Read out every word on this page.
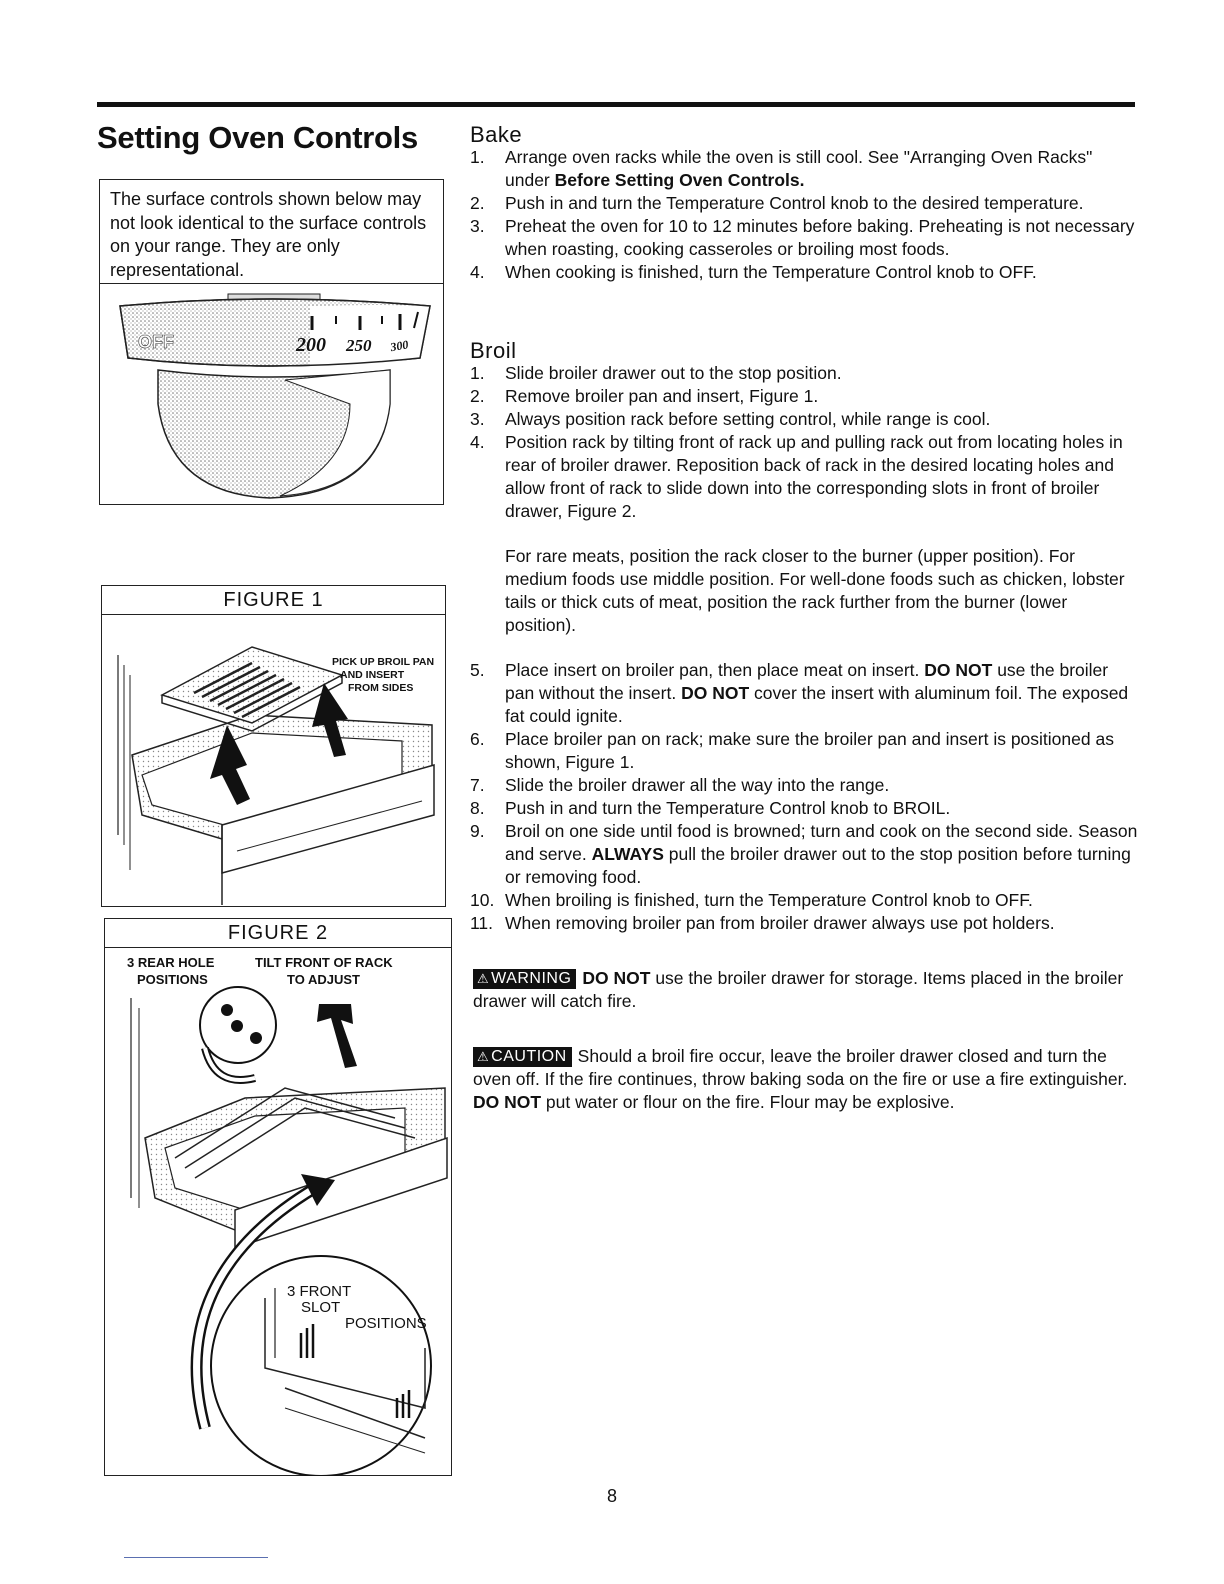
Setting Oven Controls
The surface controls shown below may not look identical to the surface controls on your range. They are only representational.
200 250 300
OFF
FIGURE 1
PICK UP BROIL PAN
AND INSERT
FROM SIDES
FIGURE 2
3 REAR HOLE
POSITIONS
TILT FRONT OF RACK
TO ADJUST
3 FRONT
SLOT
POSITIONS
Bake
1. Arrange oven racks while the oven is still cool. See "Arranging Oven Racks" under Before Setting Oven Controls.
2. Push in and turn the Temperature Control knob to the desired temperature.
3. Preheat the oven for 10 to 12 minutes before baking. Preheating is not necessary when roasting, cooking casseroles or broiling most foods.
4. When cooking is finished, turn the Temperature Control knob to OFF.
Broil
1. Slide broiler drawer out to the stop position.
2. Remove broiler pan and insert, Figure 1.
3. Always position rack before setting control, while range is cool.
4. Position rack by tilting front of rack up and pulling rack out from locating holes in rear of broiler drawer. Reposition back of rack in the desired locating holes and allow front of rack to slide down into the corresponding slots in front of broiler drawer, Figure 2.

For rare meats, position the rack closer to the burner (upper position). For medium foods use middle position. For well-done foods such as chicken, lobster tails or thick cuts of meat, position the rack further from the burner (lower position).

5. Place insert on broiler pan, then place meat on insert. DO NOT use the broiler pan without the insert. DO NOT cover the insert with aluminum foil. The exposed fat could ignite.
6. Place broiler pan on rack; make sure the broiler pan and insert is positioned as shown, Figure 1.
7. Slide the broiler drawer all the way into the range.
8. Push in and turn the Temperature Control knob to BROIL.
9. Broil on one side until food is browned; turn and cook on the second side. Season and serve. ALWAYS pull the broiler drawer out to the stop position before turning or removing food.
10. When broiling is finished, turn the Temperature Control knob to OFF.
11. When removing broiler pan from broiler drawer always use pot holders.
⚠ WARNING DO NOT use the broiler drawer for storage. Items placed in the broiler drawer will catch fire.
⚠ CAUTION Should a broil fire occur, leave the broiler drawer closed and turn the oven off. If the fire continues, throw baking soda on the fire or use a fire extinguisher. DO NOT put water or flour on the fire. Flour may be explosive.
8
